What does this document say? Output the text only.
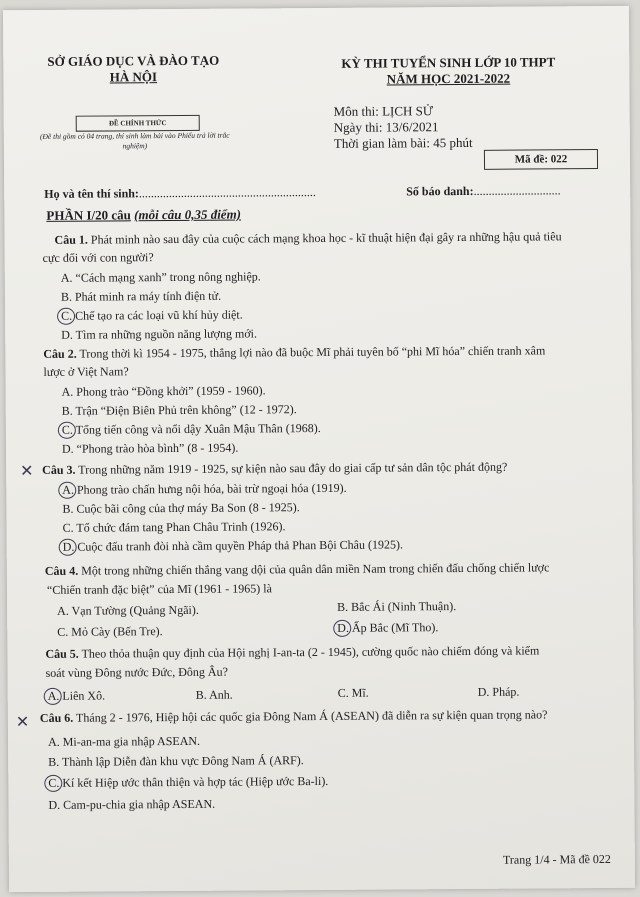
SỞ GIÁO DỤC VÀ ĐÀO TẠO
HÀ NỘI
KỲ THI TUYỂN SINH LỚP 10 THPT
NĂM HỌC 2021-2022
ĐỀ CHÍNH THỨC
(Đề thi gồm có 04 trang, thí sinh làm bài vào Phiếu trả lời trắc nghiệm)
Môn thi: LỊCH SỬ
Ngày thi: 13/6/2021
Thời gian làm bài: 45 phút
Mã đề: 022
Họ và tên thí sinh:...........................................................	Số báo danh:.............................
PHẦN I/20 câu (mỗi câu 0,35 điểm)
Câu 1. Phát minh nào sau đây của cuộc cách mạng khoa học - kĩ thuật hiện đại gây ra những hậu quả tiêu
cực đối với con người?
A. “Cách mạng xanh” trong nông nghiệp.
B. Phát minh ra máy tính điện tử.
C. Chế tạo ra các loại vũ khí hủy diệt.
D. Tìm ra những nguồn năng lượng mới.
Câu 2. Trong thời kì 1954 - 1975, thắng lợi nào đã buộc Mĩ phải tuyên bố “phi Mĩ hóa” chiến tranh xâm
lược ở Việt Nam?
A. Phong trào “Đồng khởi” (1959 - 1960).
B. Trận “Điện Biên Phủ trên không” (12 - 1972).
C. Tổng tiến công và nổi dậy Xuân Mậu Thân (1968).
D. “Phong trào hòa bình” (8 - 1954).
✕ Câu 3. Trong những năm 1919 - 1925, sự kiện nào sau đây do giai cấp tư sản dân tộc phát động?
A. Phong trào chấn hưng nội hóa, bài trừ ngoại hóa (1919).
B. Cuộc bãi công của thợ máy Ba Son (8 - 1925).
C. Tổ chức đám tang Phan Châu Trinh (1926).
D. Cuộc đấu tranh đòi nhà cầm quyền Pháp thả Phan Bội Châu (1925).
Câu 4. Một trong những chiến thắng vang dội của quân dân miền Nam trong chiến đấu chống chiến lược
“Chiến tranh đặc biệt” của Mĩ (1961 - 1965) là
A. Vạn Tường (Quảng Ngãi).	B. Bắc Ái (Ninh Thuận).
C. Mỏ Cày (Bến Tre).	D. Ấp Bắc (Mĩ Tho).
Câu 5. Theo thỏa thuận quy định của Hội nghị I-an-ta (2 - 1945), cường quốc nào chiếm đóng và kiểm
soát vùng Đông nước Đức, Đông Âu?
A. Liên Xô.	B. Anh.	C. Mĩ.	D. Pháp.
✕ Câu 6. Tháng 2 - 1976, Hiệp hội các quốc gia Đông Nam Á (ASEAN) đã diễn ra sự kiện quan trọng nào?
A. Mi-an-ma gia nhập ASEAN.
B. Thành lập Diễn đàn khu vực Đông Nam Á (ARF).
C. Kí kết Hiệp ước thân thiện và hợp tác (Hiệp ước Ba-li).
D. Cam-pu-chia gia nhập ASEAN.
Trang 1/4 - Mã đề 022
